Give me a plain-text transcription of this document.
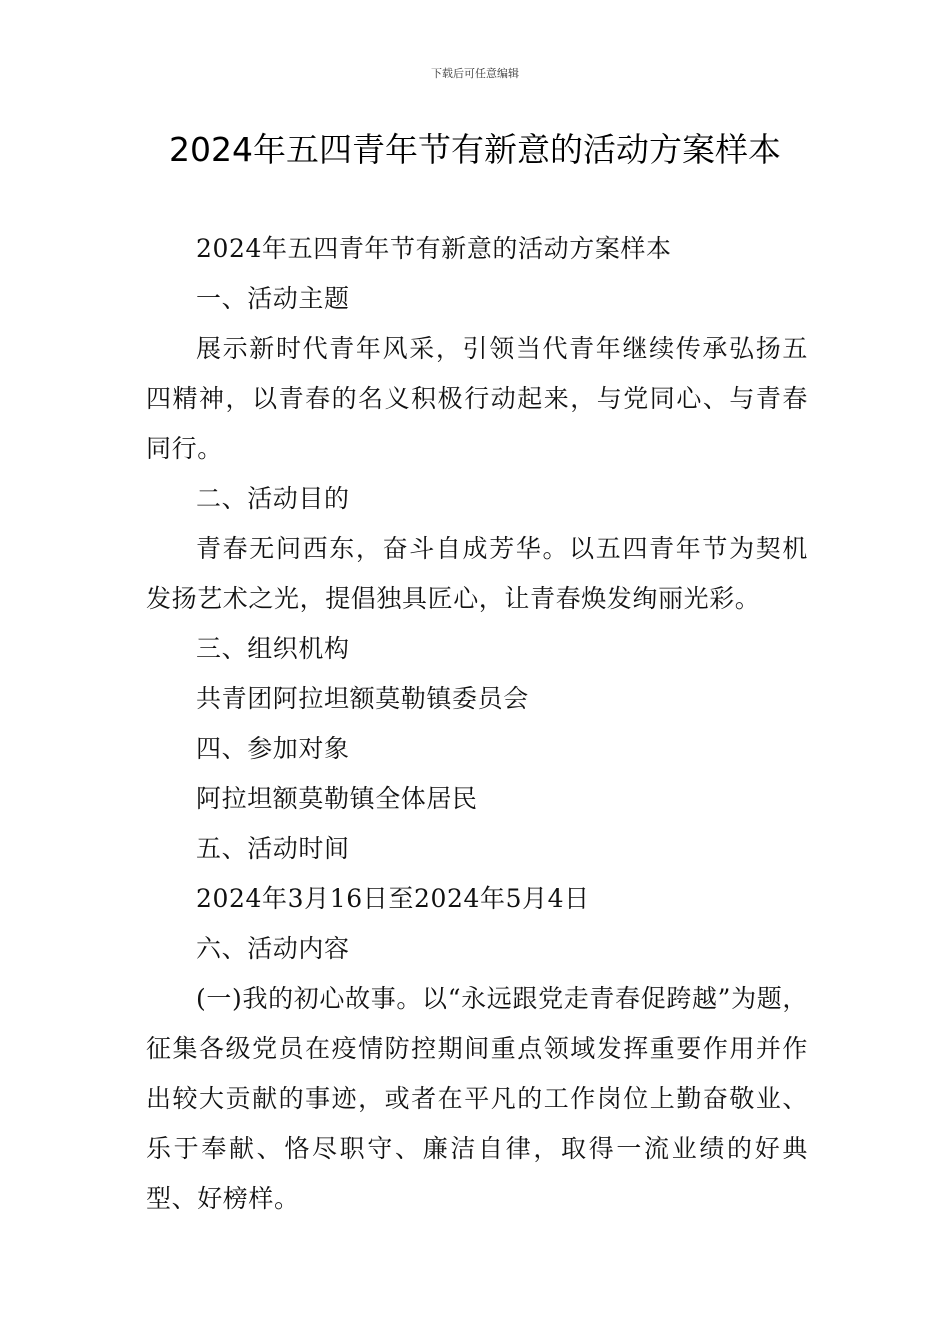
下载后可任意编辑
2024年五四青年节有新意的活动方案样本

2024年五四青年节有新意的活动方案样本

一、活动主题

展示新时代青年风采，引领当代青年继续传承弘扬五四精神，以青春的名义积极行动起来，与党同心、与青春同行。

二、活动目的

青春无问西东，奋斗自成芳华。以五四青年节为契机发扬艺术之光，提倡独具匠心，让青春焕发绚丽光彩。

三、组织机构

共青团阿拉坦额莫勒镇委员会

四、参加对象

阿拉坦额莫勒镇全体居民

五、活动时间

2024年3月16日至2024年5月4日

六、活动内容

(一)我的初心故事。以“永远跟党走青春促跨越”为题，征集各级党员在疫情防控期间重点领域发挥重要作用并作出较大贡献的事迹，或者在平凡的工作岗位上勤奋敬业、乐于奉献、恪尽职守、廉洁自律，取得一流业绩的好典型、好榜样。
